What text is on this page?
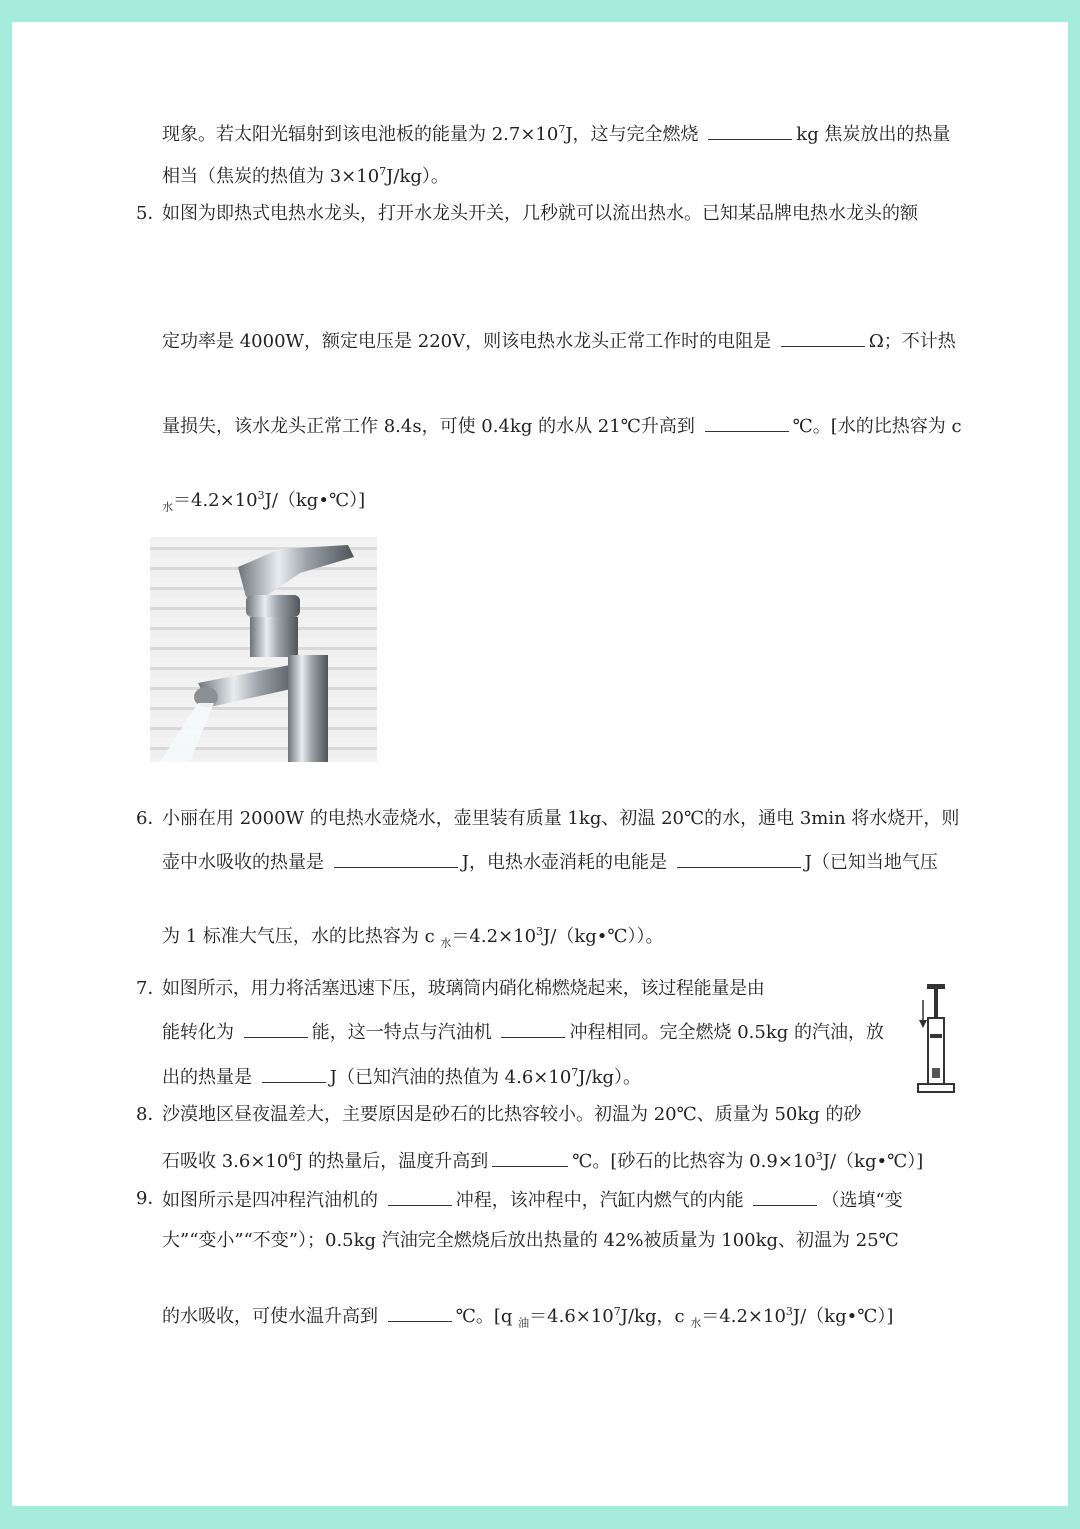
现象。若太阳光辐射到该电池板的能量为 $2.7\times 10^7J$，这与完全燃烧	kg 焦炭放出的热量
相当（焦炭的热值为 $3\times 10^7J/kg$）。
5．
如图为即热式电热水龙头，打开水龙头开关，几秒就可以流出热水。已知某品牌电热水龙头的额
定功率是 4000W，额定电压是 220V，则该电热水龙头正常工作时的电阻是	Ω；不计热
量损失，该水龙头正常工作 8.4s，可使 0.4kg 的水从 21℃升高到	℃。[水的比热容为 c
$_水=4.2\times 10^3J/(kg•℃)$]
6．
小丽在用 2000W 的电热水壶烧水，壶里装有质量 1kg、初温 20℃的水，通电 3min 将水烧开，则
壶中水吸收的热量是	J，电热水壶消耗的电能是	J（已知当地气压
为 1 标准大气压，水的比热容为 c $_水=4.2\times 10^3J/(kg•℃)$）。
7．
如 图 所 示 ， 用 力 将 活 塞 迅 速 下 压 ， 玻 璃 筒 内 硝 化 棉 燃 烧 起 来 ， 该 过 程 能 量 是 由
能转化为	能，这一特点与汽油机	冲程相同。完全燃烧 0.5kg 的汽油，放
出的热量是	J（已知汽油的热值为 $4.6\times 10^7J/kg$）。
8．
沙漠地区昼夜温差大，主要原因是砂石的比热容较小。初温为 20℃、质量为 50kg 的砂
石吸收 $3.6\times 10^6J$ 的热量后，温度升高到	℃。[砂石的比热容为 $0.9\times 10^3J/(kg•℃)$]
9．
如图所示是四冲程汽油机的	冲程，该冲程中，汽缸内燃气的内能	（选填“变
大”“变小”“不变”）；0.5kg 汽油完全燃烧后放出热量的 42%被质量为 100kg、初温为 25℃
的水吸收，可使水温升高到	℃。[q $_油=4.6\times 10^7J/kg$，c $_水=4.2\times 10^3J/(kg•℃)$]
